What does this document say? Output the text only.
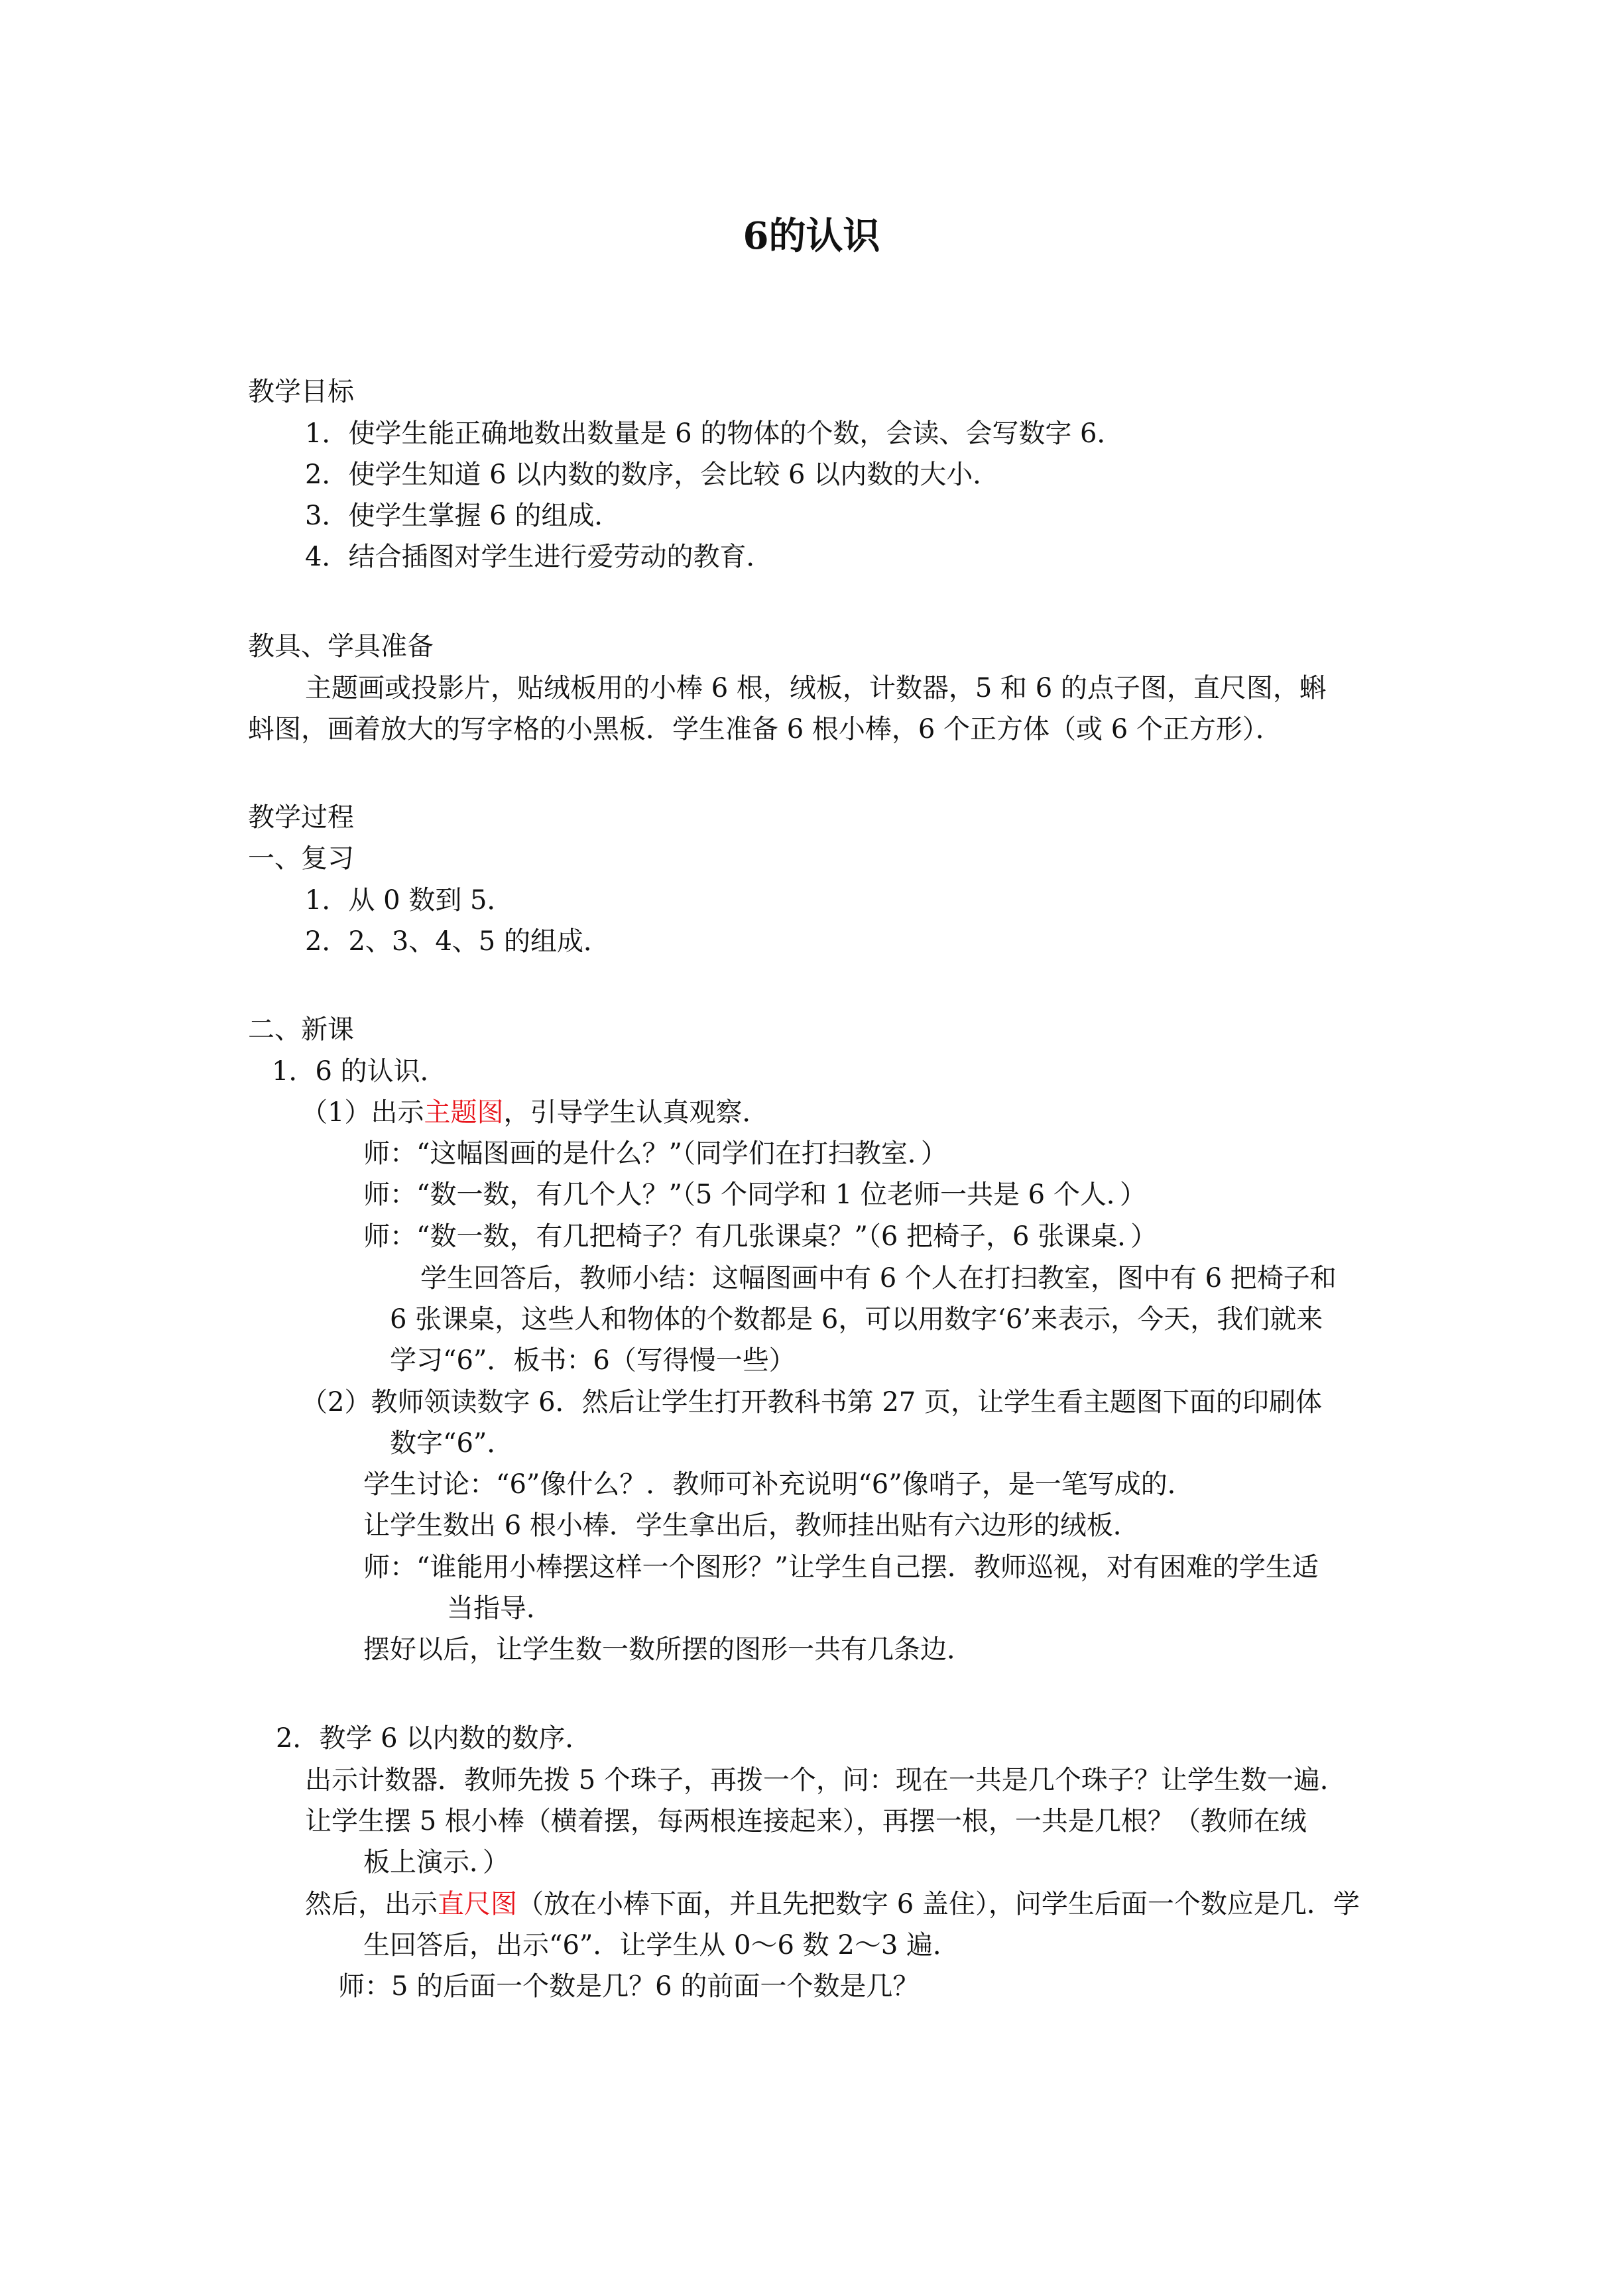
6的认识
教学目标
1．使学生能正确地数出数量是 6 的物体的个数，会读、会写数字 6．
2．使学生知道 6 以内数的数序，会比较 6 以内数的大小．
3．使学生掌握 6 的组成．
4．结合插图对学生进行爱劳动的教育．
教具、学具准备
主题画或投影片，贴绒板用的小棒 6 根，绒板，计数器，5 和 6 的点子图，直尺图，蝌
蚪图，画着放大的写字格的小黑板．学生准备 6 根小棒，6 个正方体（或 6 个正方形）．
教学过程
一、复习
1．从 0 数到 5．
2．2、3、4、5 的组成．
二、新课
1．6 的认识．
（1）出示主题图，引导学生认真观察．
师：“这幅图画的是什么？”（同学们在打扫教室．）
师：“数一数，有几个人？”（5 个同学和 1 位老师一共是 6 个人．）
师：“数一数，有几把椅子？有几张课桌？”（6 把椅子，6 张课桌．）
学生回答后，教师小结：这幅图画中有 6 个人在打扫教室，图中有 6 把椅子和
6 张课桌，这些人和物体的个数都是 6，可以用数字‘6’来表示，今天，我们就来
学习“6”．板书：6（写得慢一些）
（2）教师领读数字 6．然后让学生打开教科书第 27 页，让学生看主题图下面的印刷体
数字“6”．
学生讨论：“6”像什么？．教师可补充说明“6”像哨子，是一笔写成的．
让学生数出 6 根小棒．学生拿出后，教师挂出贴有六边形的绒板．
师：“谁能用小棒摆这样一个图形？”让学生自己摆．教师巡视，对有困难的学生适
当指导．
摆好以后，让学生数一数所摆的图形一共有几条边．
2．教学 6 以内数的数序．
出示计数器．教师先拨 5 个珠子，再拨一个，问：现在一共是几个珠子？让学生数一遍．
让学生摆 5 根小棒（横着摆，每两根连接起来），再摆一根，一共是几根？（教师在绒
板上演示．）
然后，出示直尺图（放在小棒下面，并且先把数字 6 盖住），问学生后面一个数应是几．学
生回答后，出示“6”．让学生从 0～6 数 2～3 遍．
师：5 的后面一个数是几？6 的前面一个数是几？
